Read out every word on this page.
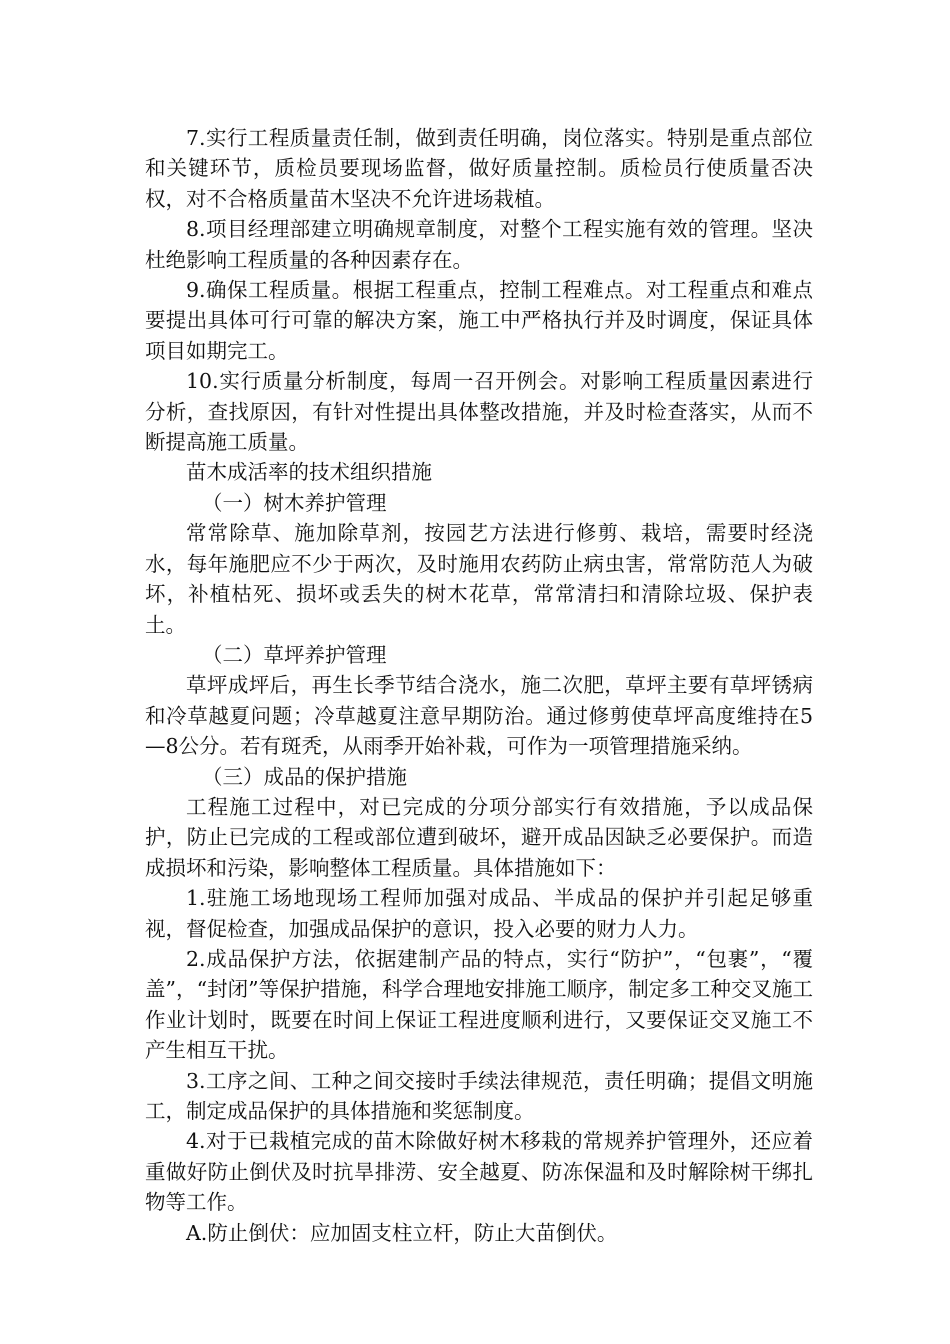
7.实行工程质量责任制，做到责任明确，岗位落实。特别是重点部位和关键环节，质检员要现场监督，做好质量控制。质检员行使质量否决权，对不合格质量苗木坚决不允许进场栽植。

8.项目经理部建立明确规章制度，对整个工程实施有效的管理。坚决杜绝影响工程质量的各种因素存在。

9.确保工程质量。根据工程重点，控制工程难点。对工程重点和难点要提出具体可行可靠的解决方案，施工中严格执行并及时调度，保证具体项目如期完工。

10.实行质量分析制度，每周一召开例会。对影响工程质量因素进行分析，查找原因，有针对性提出具体整改措施，并及时检查落实，从而不断提高施工质量。

苗木成活率的技术组织措施

（一）树木养护管理

常常除草、施加除草剂，按园艺方法进行修剪、栽培，需要时经浇水，每年施肥应不少于两次，及时施用农药防止病虫害，常常防范人为破坏，补植枯死、损坏或丢失的树木花草，常常清扫和清除垃圾、保护表土。

（二）草坪养护管理

草坪成坪后，再生长季节结合浇水，施二次肥，草坪主要有草坪锈病和冷草越夏问题；冷草越夏注意早期防治。通过修剪使草坪高度维持在5—8公分。若有斑秃，从雨季开始补栽，可作为一项管理措施采纳。

（三）成品的保护措施

工程施工过程中，对已完成的分项分部实行有效措施，予以成品保护，防止已完成的工程或部位遭到破坏，避开成品因缺乏必要保护。而造成损坏和污染，影响整体工程质量。具体措施如下：

1.驻施工场地现场工程师加强对成品、半成品的保护并引起足够重视，督促检查，加强成品保护的意识，投入必要的财力人力。

2.成品保护方法，依据建制产品的特点，实行“防护”，“包裹”，“覆盖”，“封闭”等保护措施，科学合理地安排施工顺序，制定多工种交叉施工作业计划时，既要在时间上保证工程进度顺利进行，又要保证交叉施工不产生相互干扰。

3.工序之间、工种之间交接时手续法律规范，责任明确；提倡文明施工，制定成品保护的具体措施和奖惩制度。

4.对于已栽植完成的苗木除做好树木移栽的常规养护管理外，还应着重做好防止倒伏及时抗旱排涝、安全越夏、防冻保温和及时解除树干绑扎物等工作。

A.防止倒伏：应加固支柱立杆，防止大苗倒伏。
